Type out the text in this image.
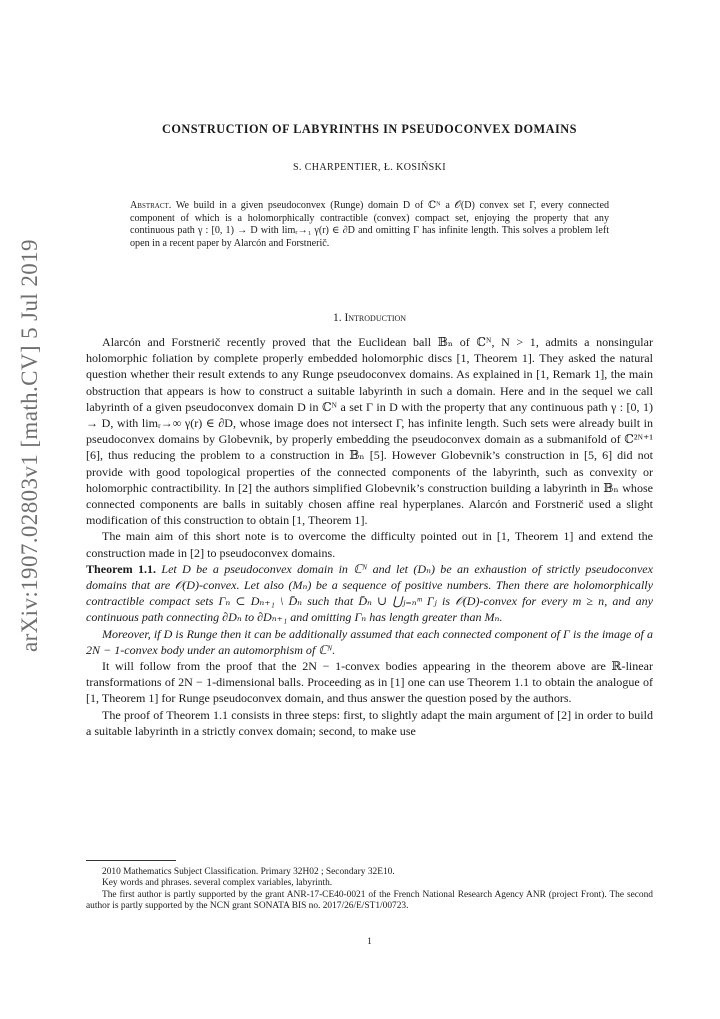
arXiv:1907.02803v1 [math.CV] 5 Jul 2019
CONSTRUCTION OF LABYRINTHS IN PSEUDOCONVEX DOMAINS
S. CHARPENTIER, Ł. KOSIŃSKI
Abstract. We build in a given pseudoconvex (Runge) domain D of ℂᴺ a 𝒪(D) convex set Γ, every connected component of which is a holomorphically contractible (convex) compact set, enjoying the property that any continuous path γ : [0, 1) → D with limᵣ→₁ γ(r) ∈ ∂D and omitting Γ has infinite length. This solves a problem left open in a recent paper by Alarcón and Forstnerič.
1. Introduction

Alarcón and Forstnerič recently proved that the Euclidean ball 𝔹ₙ of ℂᴺ, N > 1, admits a nonsingular holomorphic foliation by complete properly embedded holomorphic discs [1, Theorem 1]. They asked the natural question whether their result extends to any Runge pseudoconvex domains. As explained in [1, Remark 1], the main obstruction that appears is how to construct a suitable labyrinth in such a domain. Here and in the sequel we call labyrinth of a given pseudoconvex domain D in ℂᴺ a set Γ in D with the property that any continuous path γ : [0, 1) → D, with limᵣ→∞ γ(r) ∈ ∂D, whose image does not intersect Γ, has infinite length. Such sets were already built in pseudoconvex domains by Globevnik, by properly embedding the pseudoconvex domain as a submanifold of ℂ²ᴺ⁺¹ [6], thus reducing the problem to a construction in 𝔹ₙ [5]. However Globevnik’s construction in [5, 6] did not provide with good topological properties of the connected components of the labyrinth, such as convexity or holomorphic contractibility. In [2] the authors simplified Globevnik’s construction building a labyrinth in 𝔹ₙ whose connected components are balls in suitably chosen affine real hyperplanes. Alarcón and Forstnerič used a slight modification of this construction to obtain [1, Theorem 1].

The main aim of this short note is to overcome the difficulty pointed out in [1, Theorem 1] and extend the construction made in [2] to pseudoconvex domains.

Theorem 1.1. Let D be a pseudoconvex domain in ℂᴺ and let (Dₙ) be an exhaustion of strictly pseudoconvex domains that are 𝒪(D)-convex. Let also (Mₙ) be a sequence of positive numbers. Then there are holomorphically contractible compact sets Γₙ ⊂ Dₙ₊₁ \ D̄ₙ such that D̄ₙ ∪ ⋃ⱼ₌ₙᵐ Γⱼ is 𝒪(D)-convex for every m ≥ n, and any continuous path connecting ∂Dₙ to ∂Dₙ₊₁ and omitting Γₙ has length greater than Mₙ.

Moreover, if D is Runge then it can be additionally assumed that each connected component of Γ is the image of a 2N − 1-convex body under an automorphism of ℂᴺ.

It will follow from the proof that the 2N − 1-convex bodies appearing in the theorem above are ℝ-linear transformations of 2N − 1-dimensional balls. Proceeding as in [1] one can use Theorem 1.1 to obtain the analogue of [1, Theorem 1] for Runge pseudoconvex domain, and thus answer the question posed by the authors.

The proof of Theorem 1.1 consists in three steps: first, to slightly adapt the main argument of [2] in order to build a suitable labyrinth in a strictly convex domain; second, to make use

2010 Mathematics Subject Classification. Primary 32H02 ; Secondary 32E10.

Key words and phrases. several complex variables, labyrinth.

The first author is partly supported by the grant ANR-17-CE40-0021 of the French National Research Agency ANR (project Front). The second author is partly supported by the NCN grant SONATA BIS no. 2017/26/E/ST1/00723.

1
